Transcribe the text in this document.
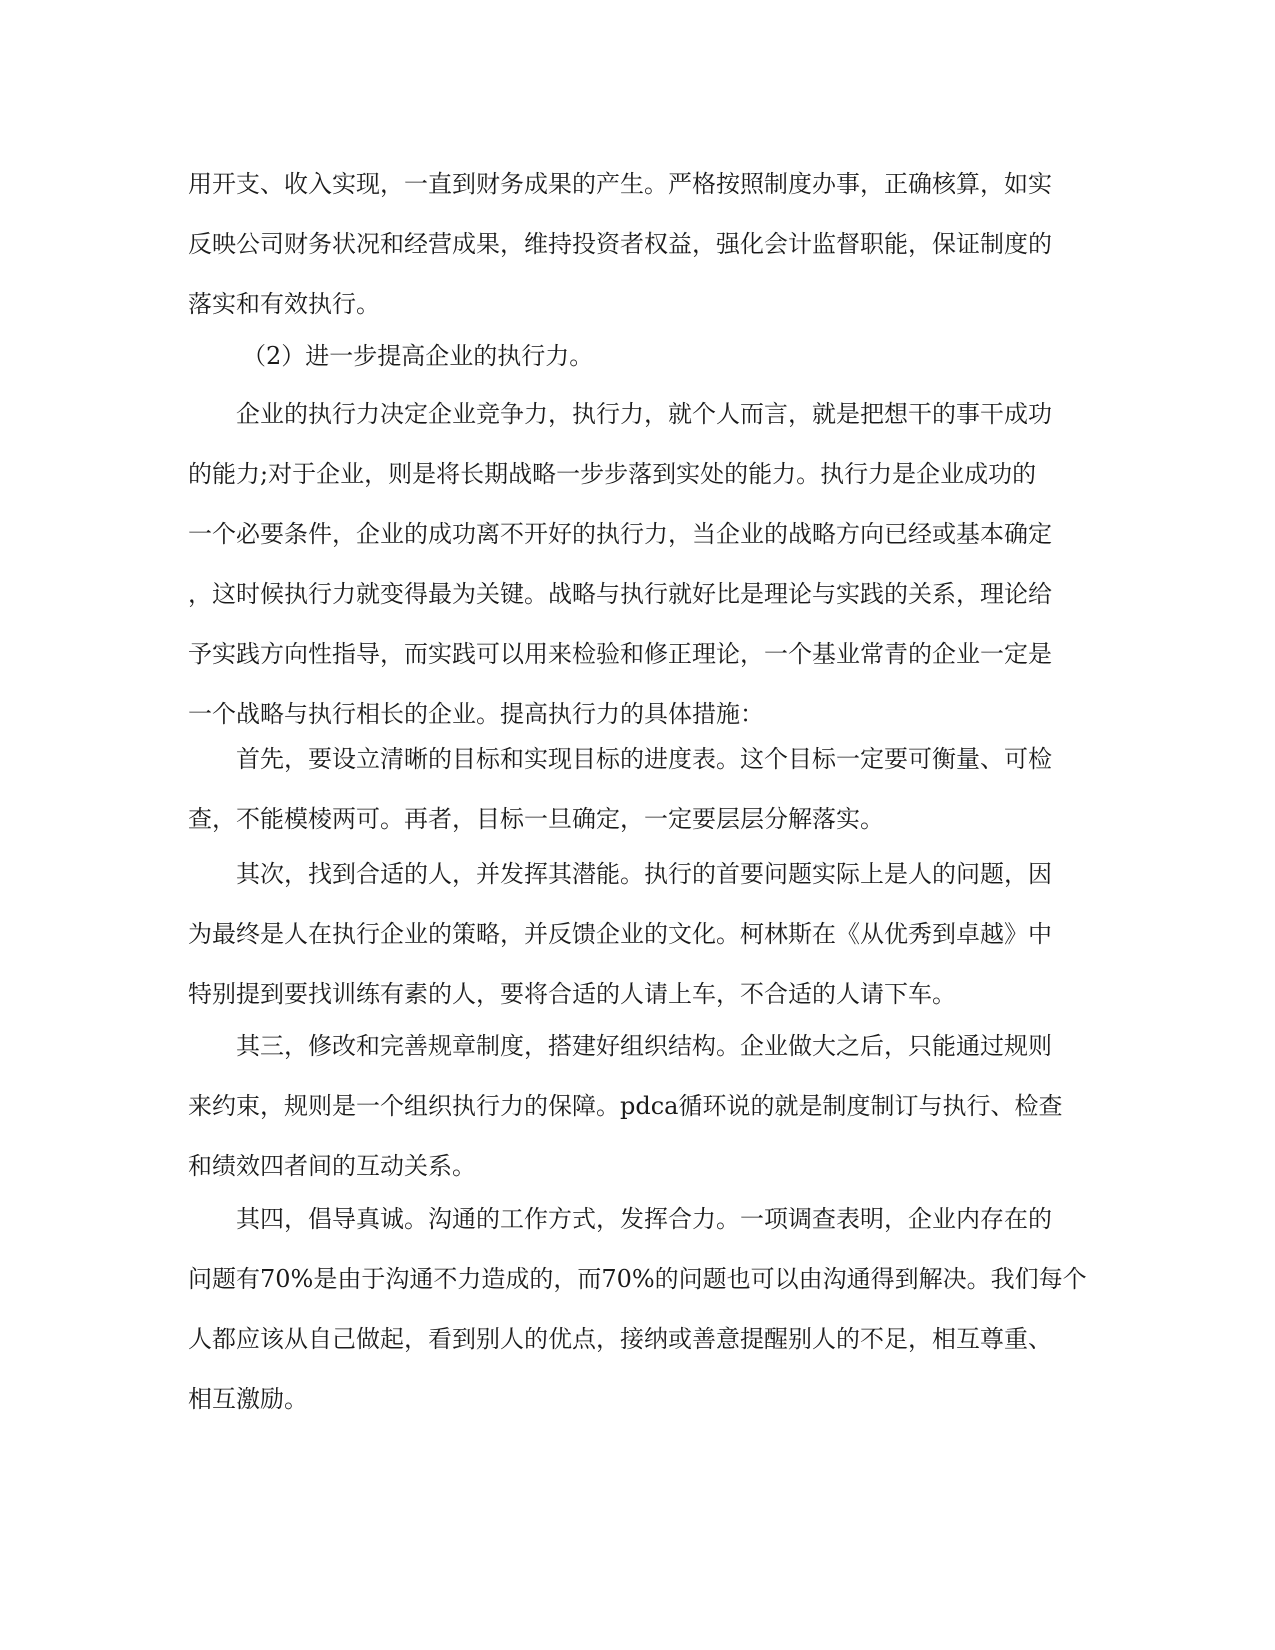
用开支、收入实现，一直到财务成果的产生。严格按照制度办事，正确核算，如实
反映公司财务状况和经营成果，维持投资者权益，强化会计监督职能，保证制度的
落实和有效执行。
（2）进一步提高企业的执行力。
企业的执行力决定企业竞争力，执行力，就个人而言，就是把想干的事干成功
的能力;对于企业，则是将长期战略一步步落到实处的能力。执行力是企业成功的
一个必要条件，企业的成功离不开好的执行力，当企业的战略方向已经或基本确定
，这时候执行力就变得最为关键。战略与执行就好比是理论与实践的关系，理论给
予实践方向性指导，而实践可以用来检验和修正理论，一个基业常青的企业一定是
一个战略与执行相长的企业。提高执行力的具体措施：
首先，要设立清晰的目标和实现目标的进度表。这个目标一定要可衡量、可检
查，不能模棱两可。再者，目标一旦确定，一定要层层分解落实。
其次，找到合适的人，并发挥其潜能。执行的首要问题实际上是人的问题，因
为最终是人在执行企业的策略，并反馈企业的文化。柯林斯在《从优秀到卓越》中
特别提到要找训练有素的人，要将合适的人请上车，不合适的人请下车。
其三，修改和完善规章制度，搭建好组织结构。企业做大之后，只能通过规则
来约束，规则是一个组织执行力的保障。pdca循环说的就是制度制订与执行、检查
和绩效四者间的互动关系。
其四，倡导真诚。沟通的工作方式，发挥合力。一项调查表明，企业内存在的
问题有70%是由于沟通不力造成的，而70%的问题也可以由沟通得到解决。我们每个
人都应该从自己做起，看到别人的优点，接纳或善意提醒别人的不足，相互尊重、
相互激励。
